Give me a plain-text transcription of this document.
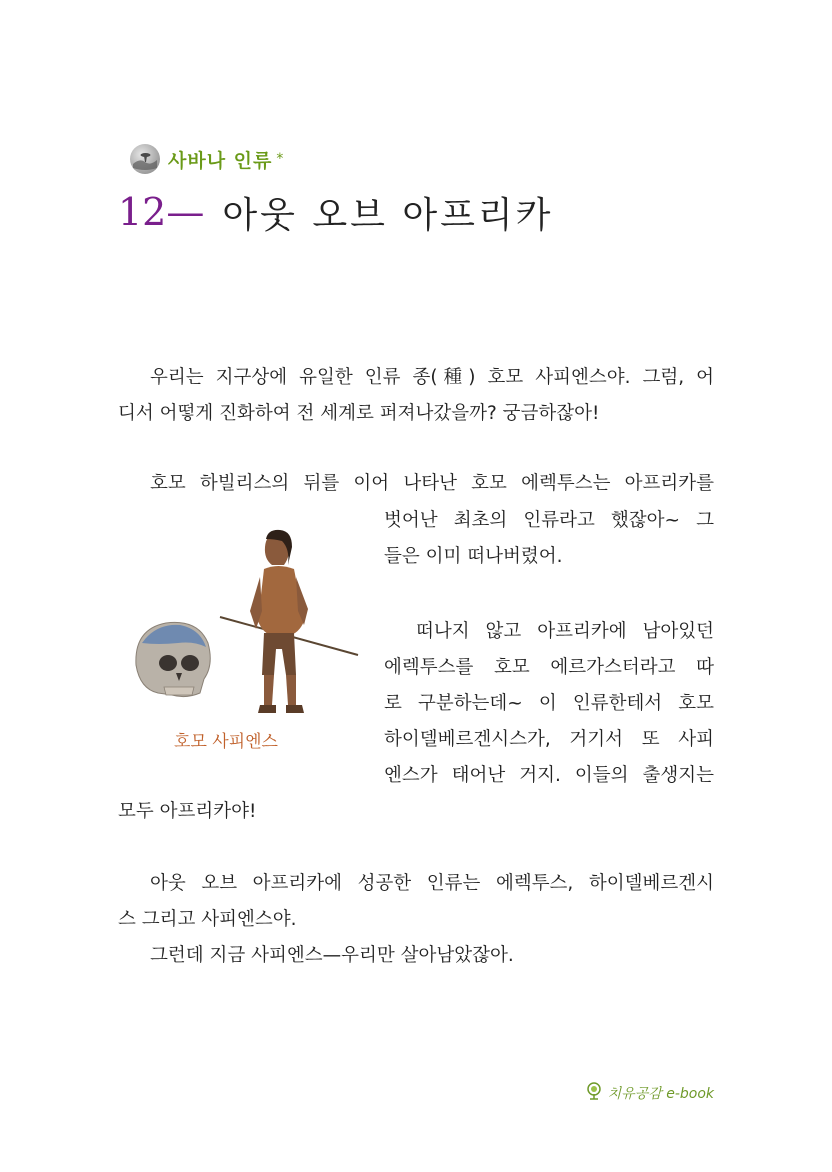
사바나 인류 *
12— 아웃 오브 아프리카
우리는 지구상에 유일한 인류 종(種) 호모 사피엔스야. 그럼, 어
디서 어떻게 진화하여 전 세계로 퍼져나갔을까? 궁금하잖아!
호모 하빌리스의 뒤를 이어 나타난 호모 에렉투스는 아프리카를
벗어난 최초의 인류라고 했잖아~ 그
들은 이미 떠나버렸어.
떠나지 않고 아프리카에 남아있던
에렉투스를 호모 에르가스터라고 따
로 구분하는데~ 이 인류한테서 호모
하이델베르겐시스가, 거기서 또 사피
엔스가 태어난 거지. 이들의 출생지는
모두 아프리카야!
호모 사피엔스
아웃 오브 아프리카에 성공한 인류는 에렉투스, 하이델베르겐시
스 그리고 사피엔스야.
그런데 지금 사피엔스—우리만 살아남았잖아.
치유공감 e-book
